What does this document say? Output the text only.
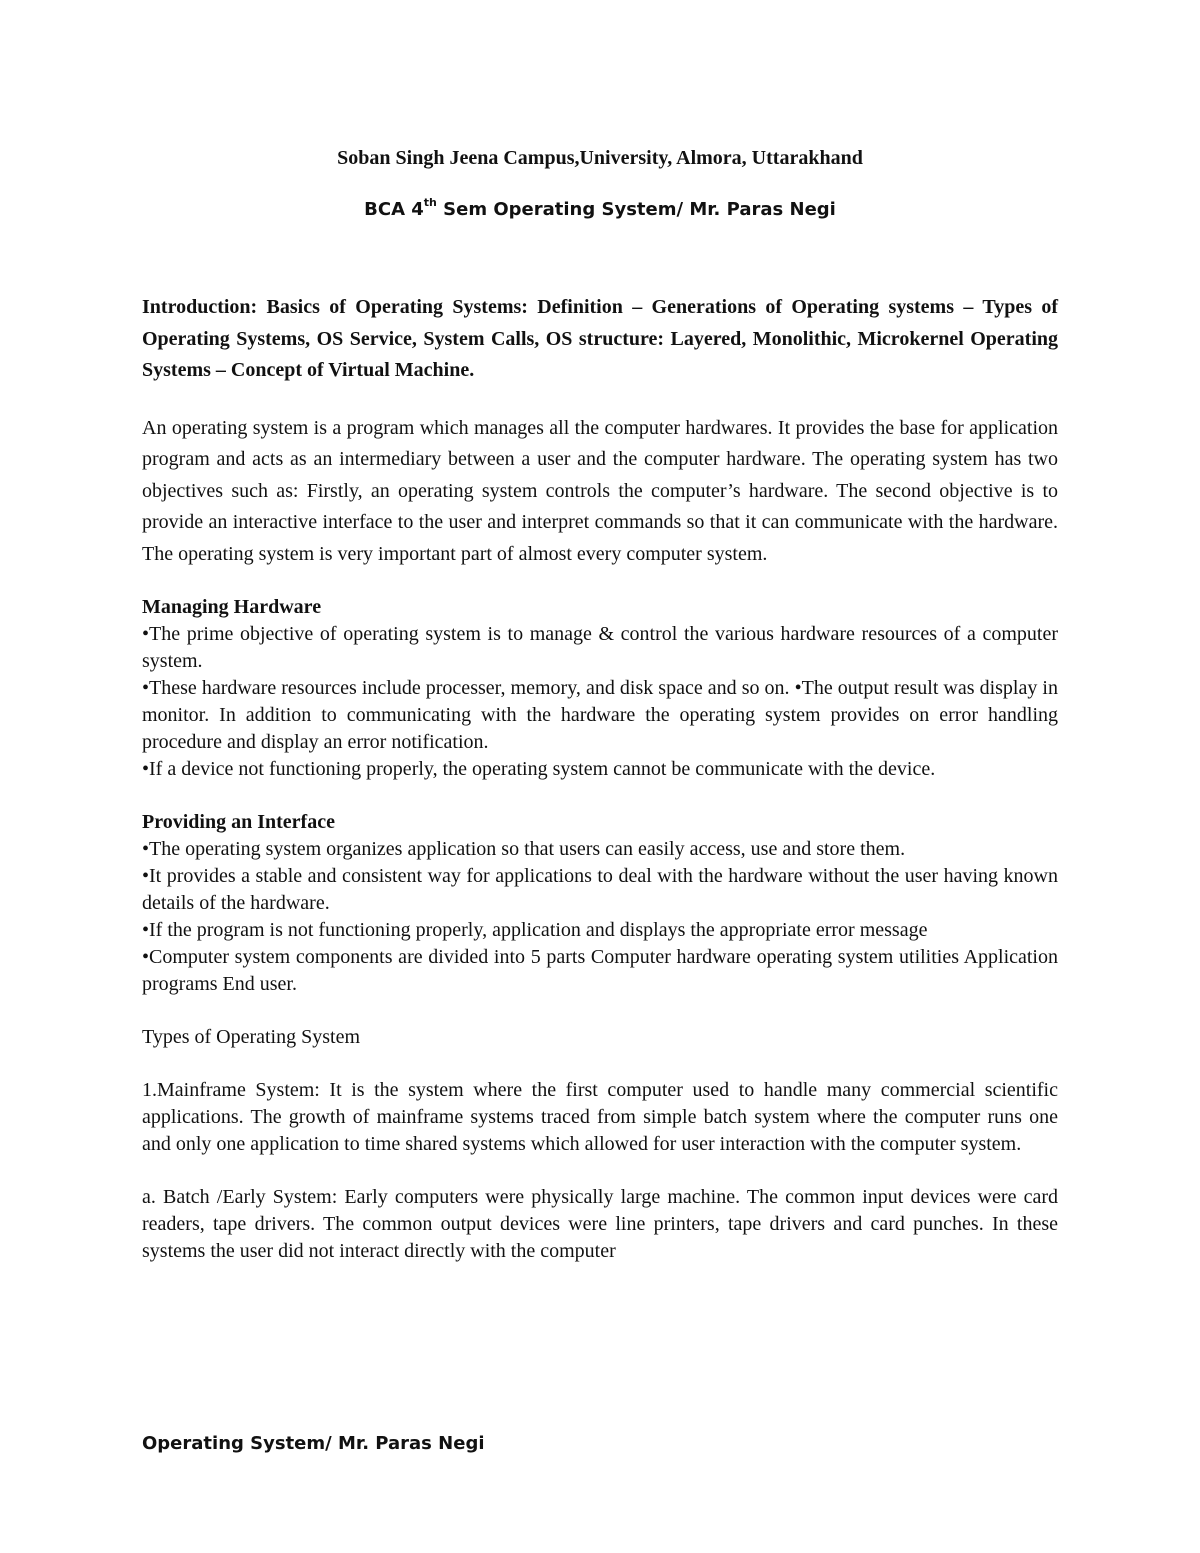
Soban Singh Jeena Campus,University, Almora, Uttarakhand

BCA 4th Sem Operating System/ Mr. Paras Negi

Introduction: Basics of Operating Systems: Definition – Generations of Operating systems – Types of Operating Systems, OS Service, System Calls, OS structure: Layered, Monolithic, Microkernel Operating Systems – Concept of Virtual Machine.

An operating system is a program which manages all the computer hardwares. It provides the base for application program and acts as an intermediary between a user and the computer hardware. The operating system has two objectives such as: Firstly, an operating system controls the computer’s hardware. The second objective is to provide an interactive interface to the user and interpret commands so that it can communicate with the hardware. The operating system is very important part of almost every computer system.

Managing Hardware

•The prime objective of operating system is to manage & control the various hardware resources of a computer system.

•These hardware resources include processer, memory, and disk space and so on. •The output result was display in monitor. In addition to communicating with the hardware the operating system provides on error handling procedure and display an error notification.

•If a device not functioning properly, the operating system cannot be communicate with the device.

Providing an Interface

•The operating system organizes application so that users can easily access, use and store them.

•It provides a stable and consistent way for applications to deal with the hardware without the user having known details of the hardware.

•If the program is not functioning properly, application and displays the appropriate error message

•Computer system components are divided into 5 parts Computer hardware operating system utilities Application programs End user.

Types of Operating System

1.Mainframe System: It is the system where the first computer used to handle many commercial scientific applications. The growth of mainframe systems traced from simple batch system where the computer runs one and only one application to time shared systems which allowed for user interaction with the computer system.

a. Batch /Early System: Early computers were physically large machine. The common input devices were card readers, tape drivers. The common output devices were line printers, tape drivers and card punches. In these systems the user did not interact directly with the computer

Operating System/ Mr. Paras Negi
